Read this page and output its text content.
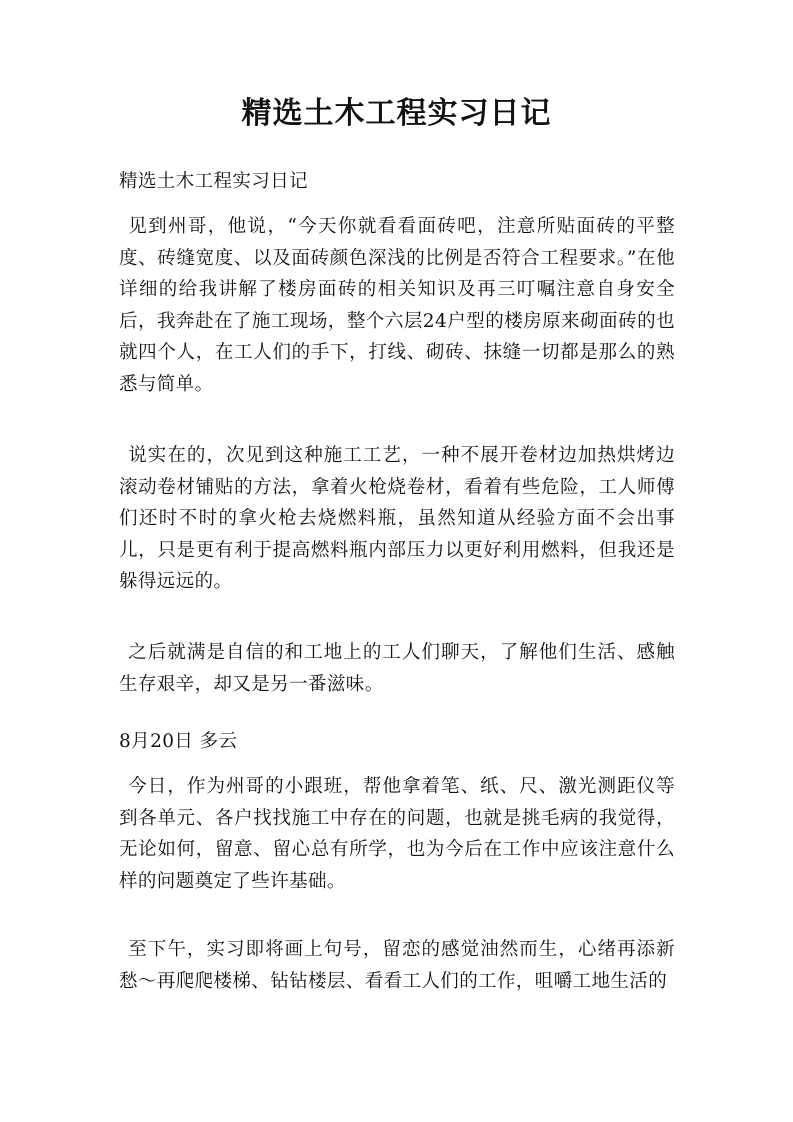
精选土木工程实习日记
精选土木工程实习日记
见到州哥，他说，“今天你就看看面砖吧，注意所贴面砖的平整度、砖缝宽度、以及面砖颜色深浅的比例是否符合工程要求。”在他详细的给我讲解了楼房面砖的相关知识及再三叮嘱注意自身安全后，我奔赴在了施工现场，整个六层24户型的楼房原来砌面砖的也就四个人，在工人们的手下，打线、砌砖、抹缝一切都是那么的熟悉与简单。
说实在的，次见到这种施工工艺，一种不展开卷材边加热烘烤边滚动卷材铺贴的方法，拿着火枪烧卷材，看着有些危险，工人师傅们还时不时的拿火枪去烧燃料瓶，虽然知道从经验方面不会出事儿，只是更有利于提高燃料瓶内部压力以更好利用燃料，但我还是躲得远远的。
之后就满是自信的和工地上的工人们聊天，了解他们生活、感触生存艰辛，却又是另一番滋味。
8月20日 多云
今日，作为州哥的小跟班，帮他拿着笔、纸、尺、激光测距仪等到各单元、各户找找施工中存在的问题，也就是挑毛病的我觉得，无论如何，留意、留心总有所学，也为今后在工作中应该注意什么样的问题奠定了些许基础。
至下午，实习即将画上句号，留恋的感觉油然而生，心绪再添新愁～再爬爬楼梯、钻钻楼层、看看工人们的工作，咀嚼工地生活的
